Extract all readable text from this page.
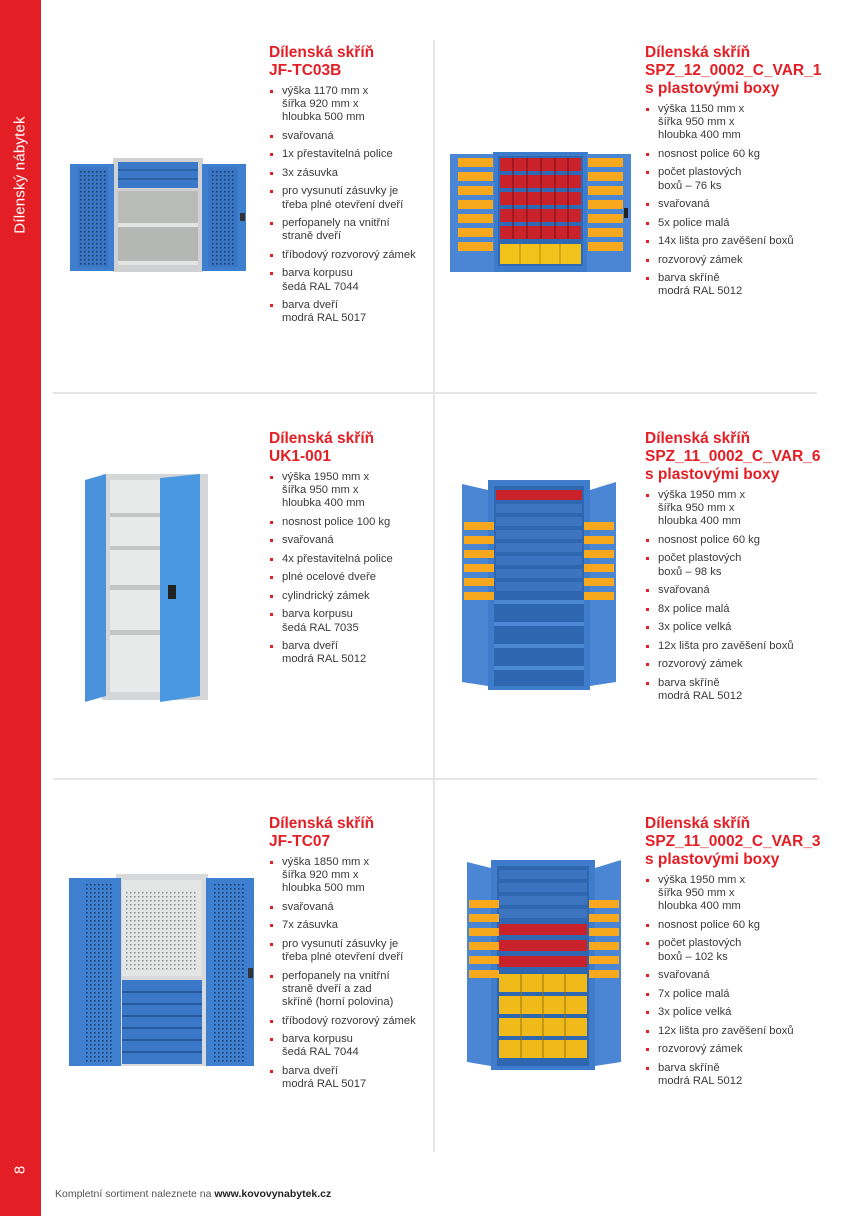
Dílenský nábytek
8
Dílenská skříň
JF-TC03B
výška 1170 mm x
šířka 920 mm x
hloubka 500 mm
svařovaná
1x přestavitelná police
3x zásuvka
pro vysunutí zásuvky je
třeba plné otevření dveří
perfopanely na vnitřní
straně dveří
tříbodový rozvorový zámek
barva korpusu
šedá RAL 7044
barva dveří
modrá RAL 5017
Dílenská skříň
SPZ_12_0002_C_VAR_1
s plastovými boxy
výška 1150 mm x
šířka 950 mm x
hloubka 400 mm
nosnost police 60 kg
počet plastových
boxů – 76 ks
svařovaná
5x police malá
14x lišta pro zavěšení boxů
rozvorový zámek
barva skříně
modrá RAL 5012
Dílenská skříň
UK1-001
výška 1950 mm x
šířka 950 mm x
hloubka 400 mm
nosnost police 100 kg
svařovaná
4x přestavitelná police
plné ocelové dveře
cylindrický zámek
barva korpusu
šedá RAL 7035
barva dveří
modrá RAL 5012
Dílenská skříň
SPZ_11_0002_C_VAR_6
s plastovými boxy
výška 1950 mm x
šířka 950 mm x
hloubka 400 mm
nosnost police 60 kg
počet plastových
boxů – 98 ks
svařovaná
8x police malá
3x police velká
12x lišta pro zavěšení boxů
rozvorový zámek
barva skříně
modrá RAL 5012
Dílenská skříň
JF-TC07
výška 1850 mm x
šířka 920 mm x
hloubka 500 mm
svařovaná
7x zásuvka
pro vysunutí zásuvky je
třeba plné otevření dveří
perfopanely na vnitřní
straně dveří a zad
skříně (horní polovina)
tříbodový rozvorový zámek
barva korpusu
šedá RAL 7044
barva dveří
modrá RAL 5017
Dílenská skříň
SPZ_11_0002_C_VAR_3
s plastovými boxy
výška 1950 mm x
šířka 950 mm x
hloubka 400 mm
nosnost police 60 kg
počet plastových
boxů – 102 ks
svařovaná
7x police malá
3x police velká
12x lišta pro zavěšení boxů
rozvorový zámek
barva skříně
modrá RAL 5012
Kompletní sortiment naleznete na www.kovovynabytek.cz
